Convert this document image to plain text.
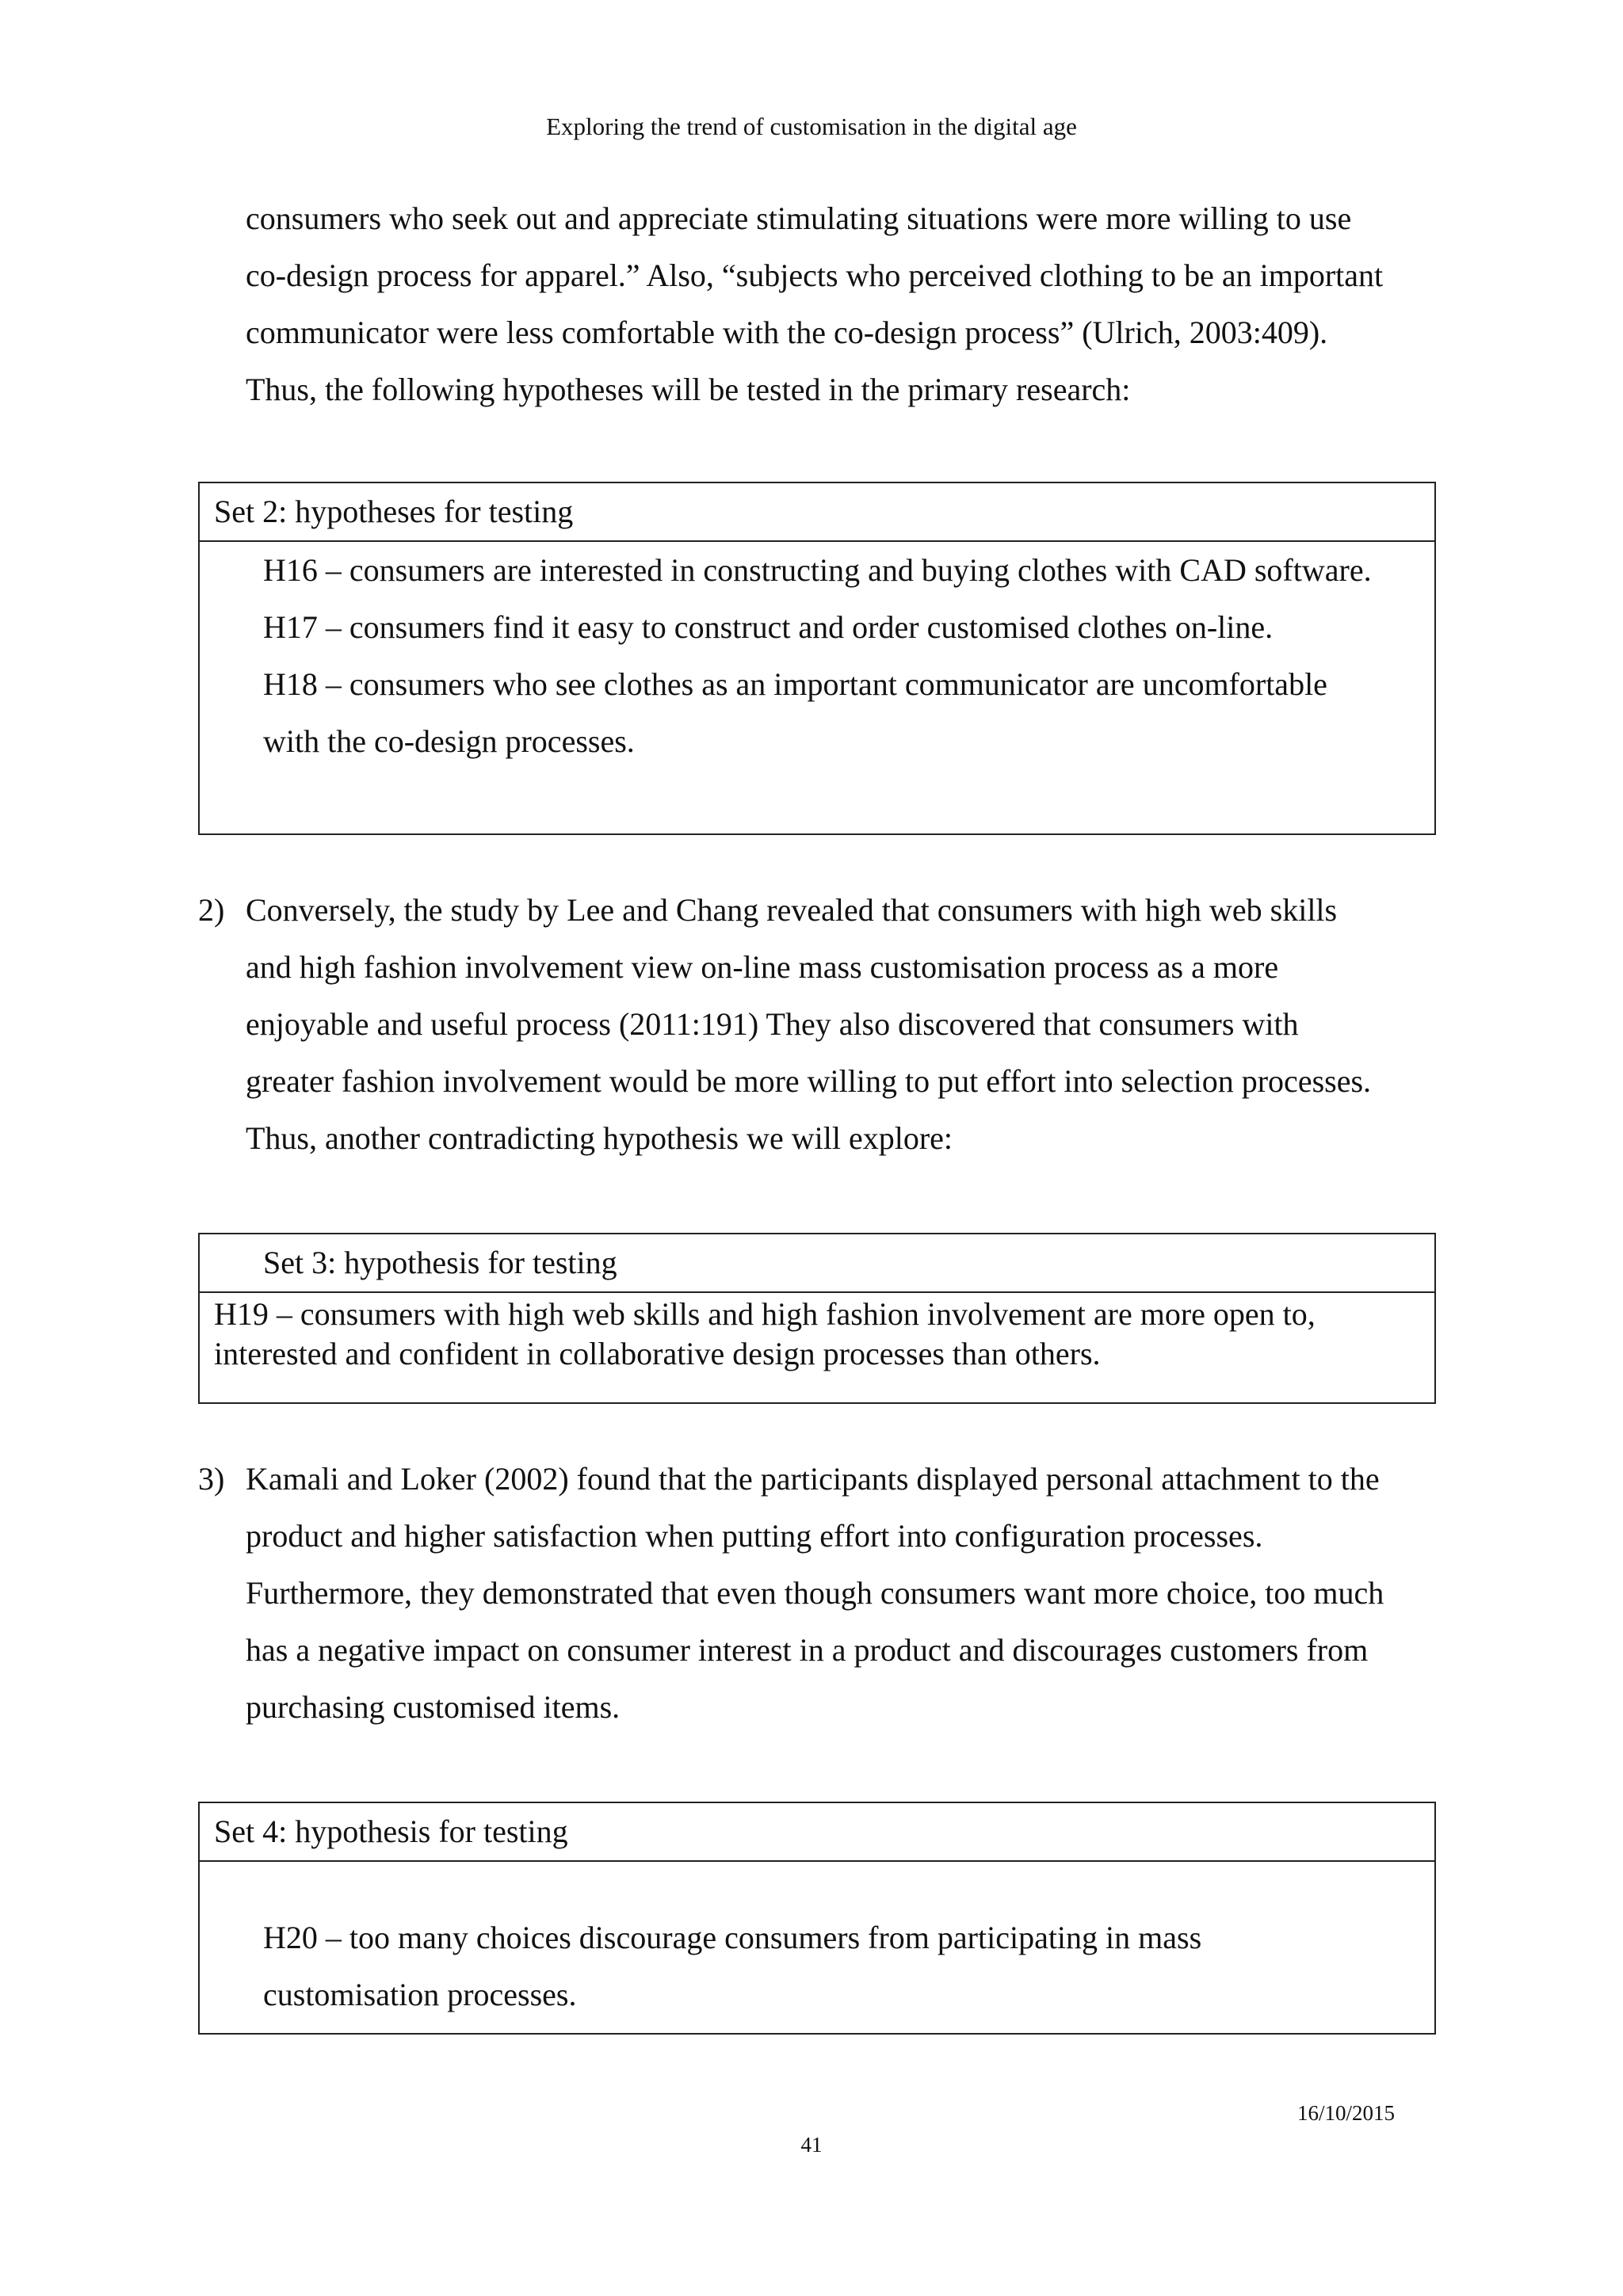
Exploring the trend of customisation in the digital age

consumers who seek out and appreciate stimulating situations were more willing to use

co-design process for apparel.” Also, “subjects who perceived clothing to be an important

communicator were less comfortable with the co-design process” (Ulrich, 2003:409).

Thus, the following hypotheses will be tested in the primary research:

Set 2: hypotheses for testing

H16 – consumers are interested in constructing and buying clothes with CAD software.

H17 – consumers find it easy to construct and order customised clothes on-line.

H18 – consumers who see clothes as an important communicator are uncomfortable

with the co-design processes.

2) Conversely, the study by Lee and Chang revealed that consumers with high web skills

and high fashion involvement view on-line mass customisation process as a more

enjoyable and useful process (2011:191) They also discovered that consumers with

greater fashion involvement would be more willing to put effort into selection processes.

Thus, another contradicting hypothesis we will explore:

Set 3: hypothesis for testing

H19 – consumers with high web skills and high fashion involvement are more open to,

interested and confident in collaborative design processes than others.

3) Kamali and Loker (2002) found that the participants displayed personal attachment to the

product and higher satisfaction when putting effort into configuration processes.

Furthermore, they demonstrated that even though consumers want more choice, too much

has a negative impact on consumer interest in a product and discourages customers from

purchasing customised items.

Set 4: hypothesis for testing

H20 – too many choices discourage consumers from participating in mass

customisation processes.

16/10/2015
41
